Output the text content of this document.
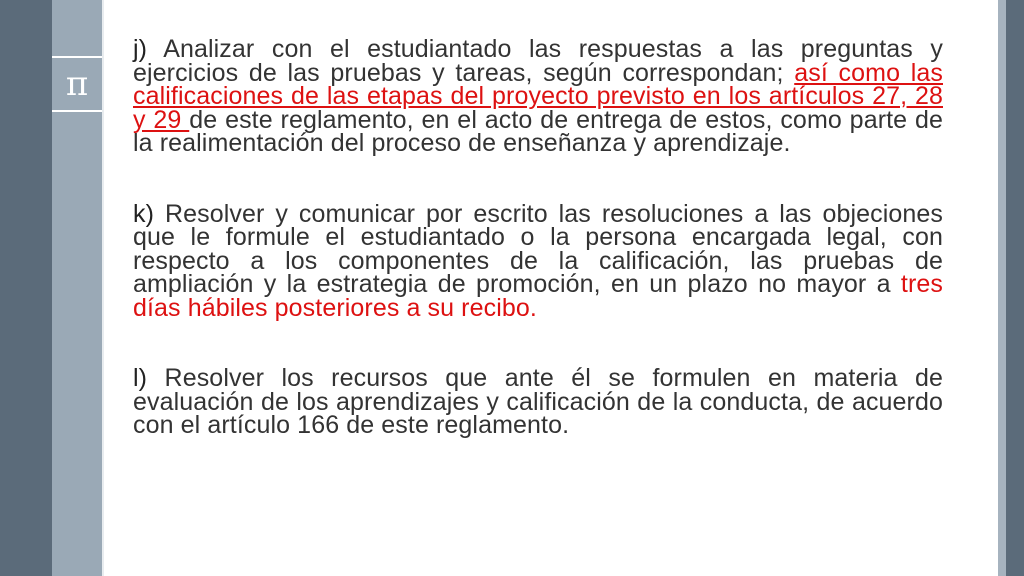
π

j) Analizar con el estudiantado las respuestas a las preguntas y ejercicios de las pruebas y tareas, según correspondan; así como las calificaciones de las etapas del proyecto previsto en los artículos 27, 28 y 29 de este reglamento, en el acto de entrega de estos, como parte de la realimentación del proceso de enseñanza y aprendizaje.

k) Resolver y comunicar por escrito las resoluciones a las objeciones que le formule el estudiantado o la persona encargada legal, con respecto a los componentes de la calificación, las pruebas de ampliación y la estrategia de promoción, en un plazo no mayor a tres días hábiles posteriores a su recibo.

l) Resolver los recursos que ante él se formulen en materia de evaluación de los aprendizajes y calificación de la conducta, de acuerdo con el artículo 166 de este reglamento.
